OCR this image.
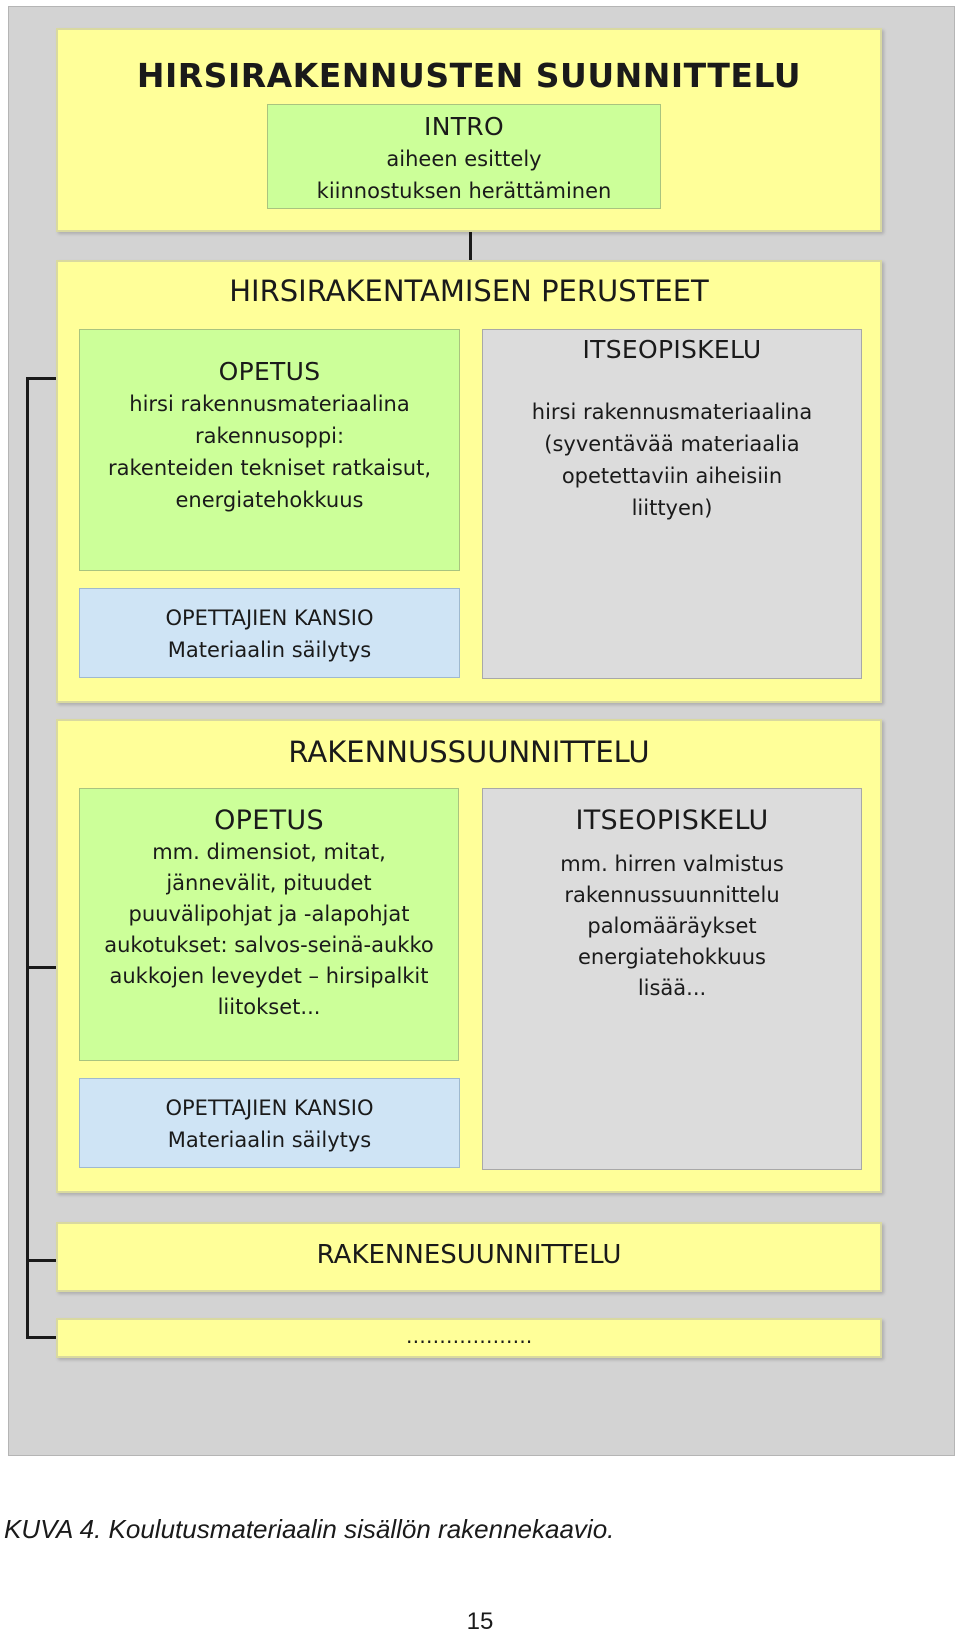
HIRSIRAKENNUSTEN SUUNNITTELU
INTRO
aiheen esittely
kiinnostuksen herättäminen
HIRSIRAKENTAMISEN PERUSTEET
OPETUS
hirsi rakennusmateriaalina
rakennusoppi:
rakenteiden tekniset ratkaisut,
energiatehokkuus
ITSEOPISKELU
hirsi rakennusmateriaalina
(syventävää materiaalia
opetettaviin aiheisiin
liittyen)
OPETTAJIEN KANSIO
Materiaalin säilytys
RAKENNUSSUUNNITTELU
OPETUS
mm. dimensiot, mitat,
jännevälit, pituudet
puuvälipohjat ja -alapohjat
aukotukset: salvos-seinä-aukko
aukkojen leveydet – hirsipalkit
liitokset...
ITSEOPISKELU
mm. hirren valmistus
rakennussuunnittelu
palomääräykset
energiatehokkuus
lisää...
OPETTAJIEN KANSIO
Materiaalin säilytys
RAKENNESUUNNITTELU
……………….
KUVA 4. Koulutusmateriaalin sisällön rakennekaavio.
15
